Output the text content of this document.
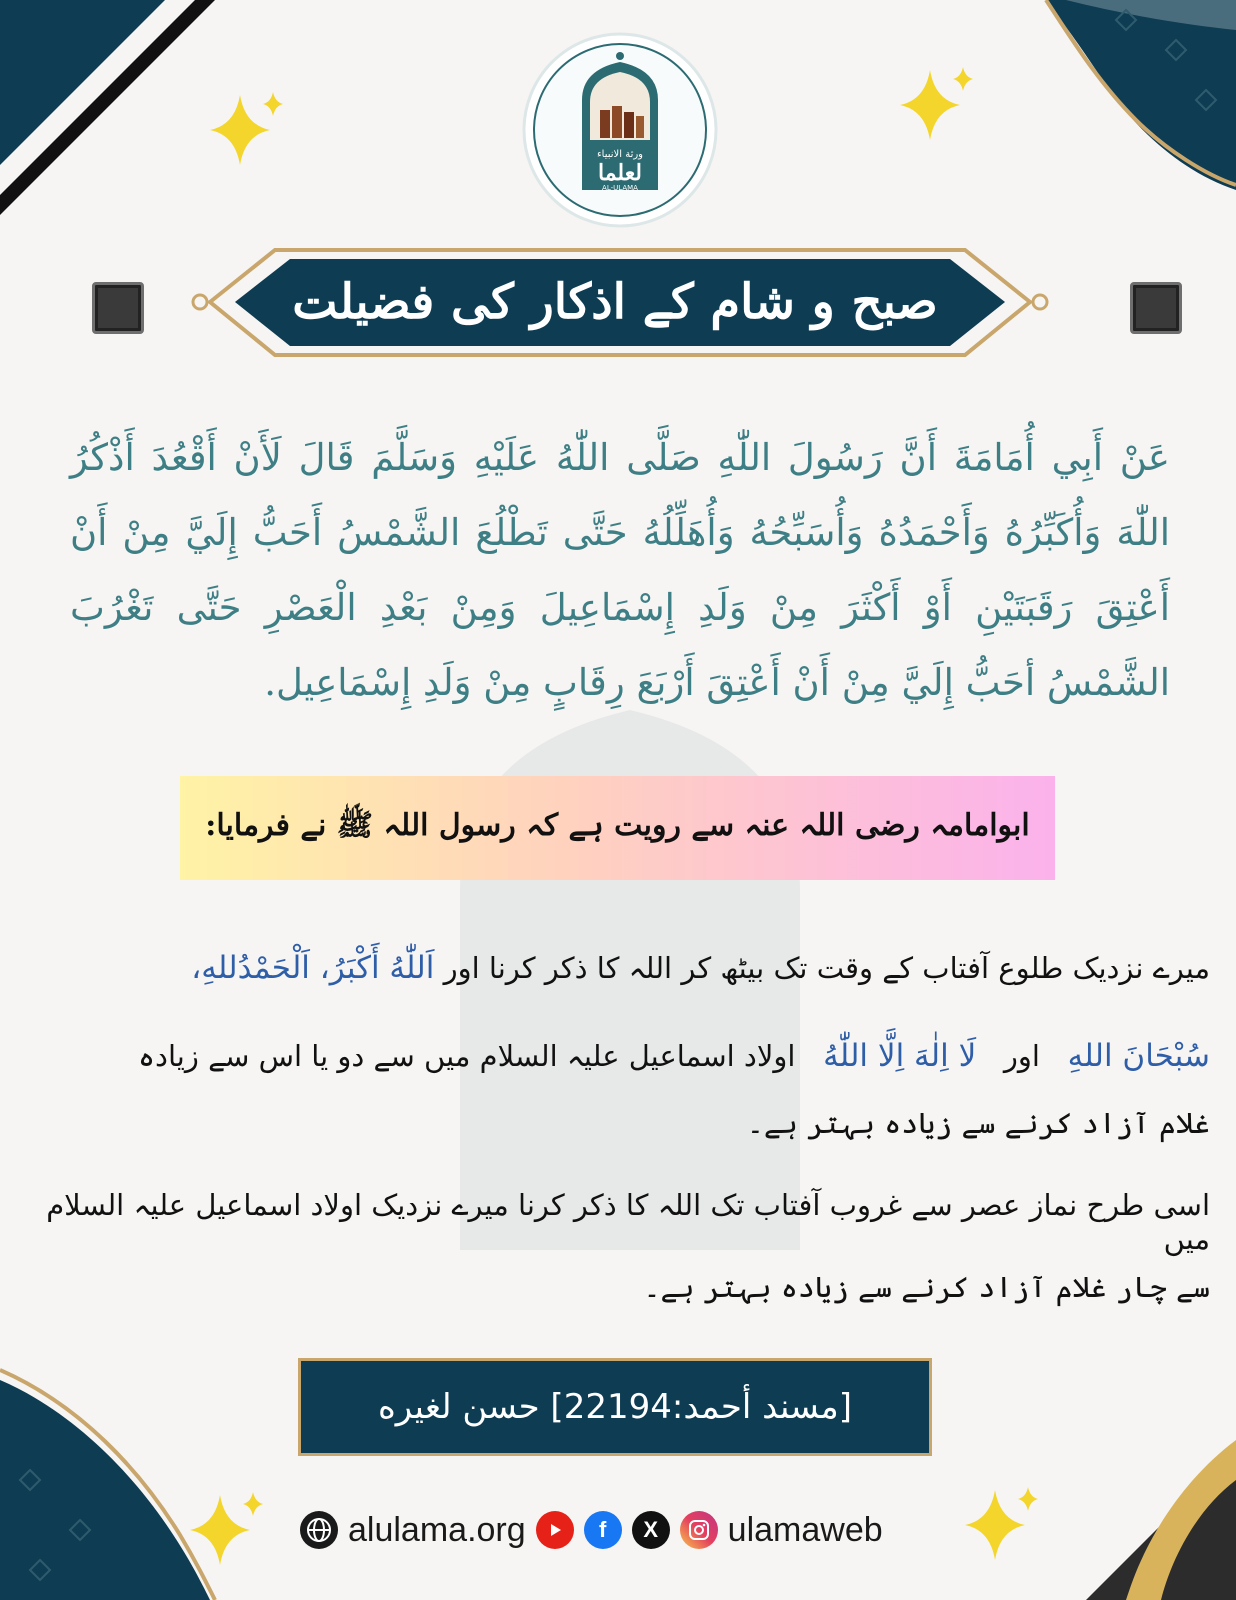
ورثة الانبياء
لعلما
AL-ULAMA
صبح و شام کے اذکار کی فضیلت
عَنْ أَبِي أُمَامَةَ أَنَّ رَسُولَ اللّٰهِ صَلَّى اللّٰهُ عَلَيْهِ وَسَلَّمَ قَالَ لَأَنْ أَقْعُدَ أَذْكُرُ اللّٰهَ وَأُكَبِّرُهُ وَأَحْمَدُهُ وَأُسَبِّحُهُ وَأُهَلِّلُهُ حَتَّى تَطْلُعَ الشَّمْسُ أَحَبُّ إِلَيَّ مِنْ أَنْ أَعْتِقَ رَقَبَتَيْنِ أَوْ أَكْثَرَ مِنْ وَلَدِ إِسْمَاعِيلَ وَمِنْ بَعْدِ الْعَصْرِ حَتَّى تَغْرُبَ الشَّمْسُ أحَبُّ إِلَيَّ مِنْ أَنْ أَعْتِقَ أَرْبَعَ رِقَابٍ مِنْ وَلَدِ إِسْمَاعِيل.
ابوامامہ رضی اللہ عنہ سے رویت ہے کہ رسول اللہ ﷺ نے فرمایا:
میرے نزدیک طلوع آفتاب کے وقت تک بیٹھ کر اللہ کا ذکر کرنا اور اَللّٰهُ أَكْبَرُ، اَلْحَمْدُللهِ،
سُبْحَانَ اللهِ   اور   لَا اِلٰهَ اِلَّا اللّٰهُ   اولاد اسماعیل علیہ السلام میں سے دو یا اس سے زیادہ
غلام آزاد کرنے سے زیادہ بہتر ہے۔
اسی طرح نماز عصر سے غروب آفتاب تک اللہ کا ذکر کرنا میرے نزدیک اولاد اسماعیل علیہ السلام میں
سے چار غلام آزاد کرنے سے زیادہ بہتر ہے۔
[مسند أحمد:22194] حسن لغيره
alulama.org	f	X	ulamaweb
